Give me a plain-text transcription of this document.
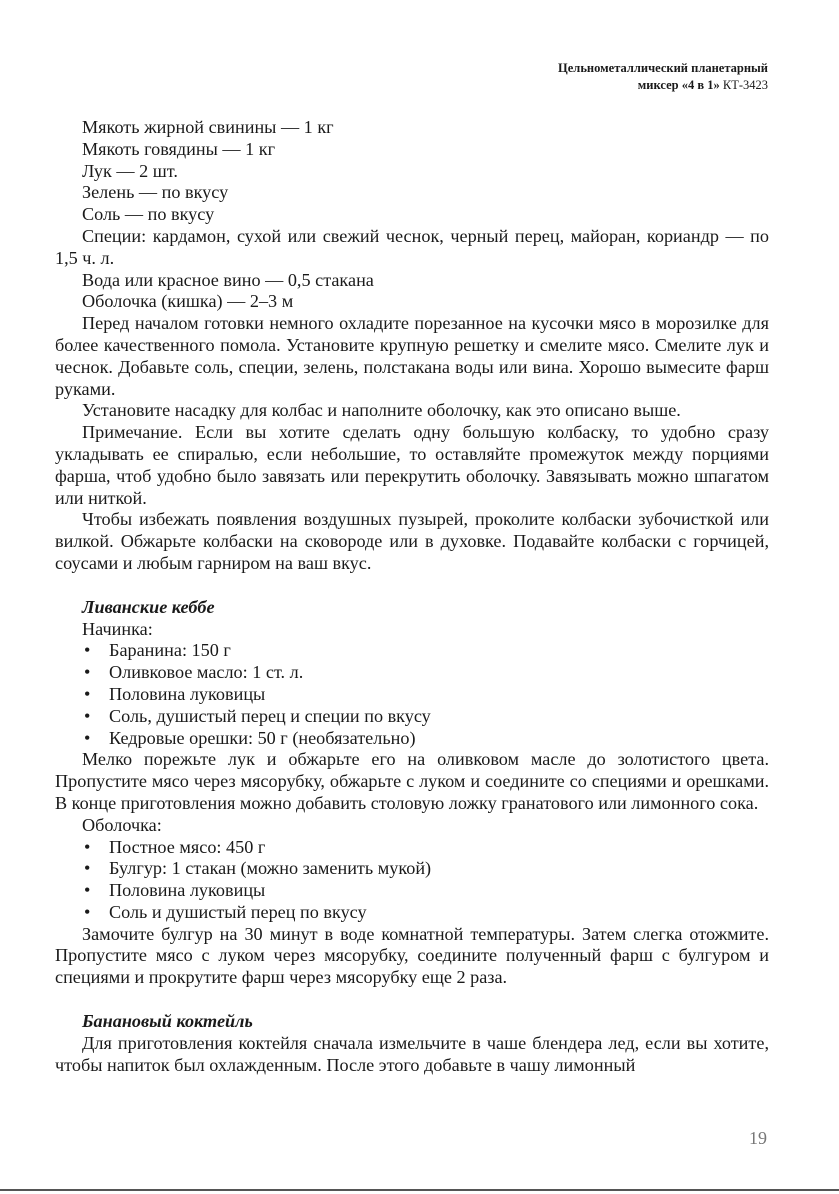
Цельнометаллический планетарный
миксер «4 в 1» КТ-3423
Мякоть жирной свинины — 1 кг
Мякоть говядины — 1 кг
Лук — 2 шт.
Зелень — по вкусу
Соль — по вкусу
Специи: кардамон, сухой или свежий чеснок, черный перец, майоран, кориандр — по 1,5 ч. л.
Вода или красное вино — 0,5 стакана
Оболочка (кишка) — 2–3 м
Перед началом готовки немного охладите порезанное на кусочки мясо в морозилке для более качественного помола. Установите крупную решетку и смелите мясо. Смелите лук и чеснок. Добавьте соль, специи, зелень, полстакана воды или вина. Хорошо вымесите фарш руками.
Установите насадку для колбас и наполните оболочку, как это описано выше.
Примечание. Если вы хотите сделать одну большую колбаску, то удобно сразу укладывать ее спиралью, если небольшие, то оставляйте промежуток между порциями фарша, чтоб удобно было завязать или перекрутить оболочку. Завязывать можно шпагатом или ниткой.
Чтобы избежать появления воздушных пузырей, проколите колбаски зубочисткой или вилкой. Обжарьте колбаски на сковороде или в духовке. Подавайте колбаски с горчицей, соусами и любым гарниром на ваш вкус.
Ливанские кеббе
Начинка:
• Баранина: 150 г
• Оливковое масло: 1 ст. л.
• Половина луковицы
• Соль, душистый перец и специи по вкусу
• Кедровые орешки: 50 г (необязательно)
Мелко порежьте лук и обжарьте его на оливковом масле до золотистого цвета. Пропустите мясо через мясорубку, обжарьте с луком и соедините со специями и орешками. В конце приготовления можно добавить столовую ложку гранатового или лимонного сока.
Оболочка:
• Постное мясо: 450 г
• Булгур: 1 стакан (можно заменить мукой)
• Половина луковицы
• Соль и душистый перец по вкусу
Замочите булгур на 30 минут в воде комнатной температуры. Затем слегка отожмите. Пропустите мясо с луком через мясорубку, соедините полученный фарш с булгуром и специями и прокрутите фарш через мясорубку еще 2 раза.
Банановый коктейль
Для приготовления коктейля сначала измельчите в чаше блендера лед, если вы хотите, чтобы напиток был охлажденным. После этого добавьте в чашу лимонный
19
